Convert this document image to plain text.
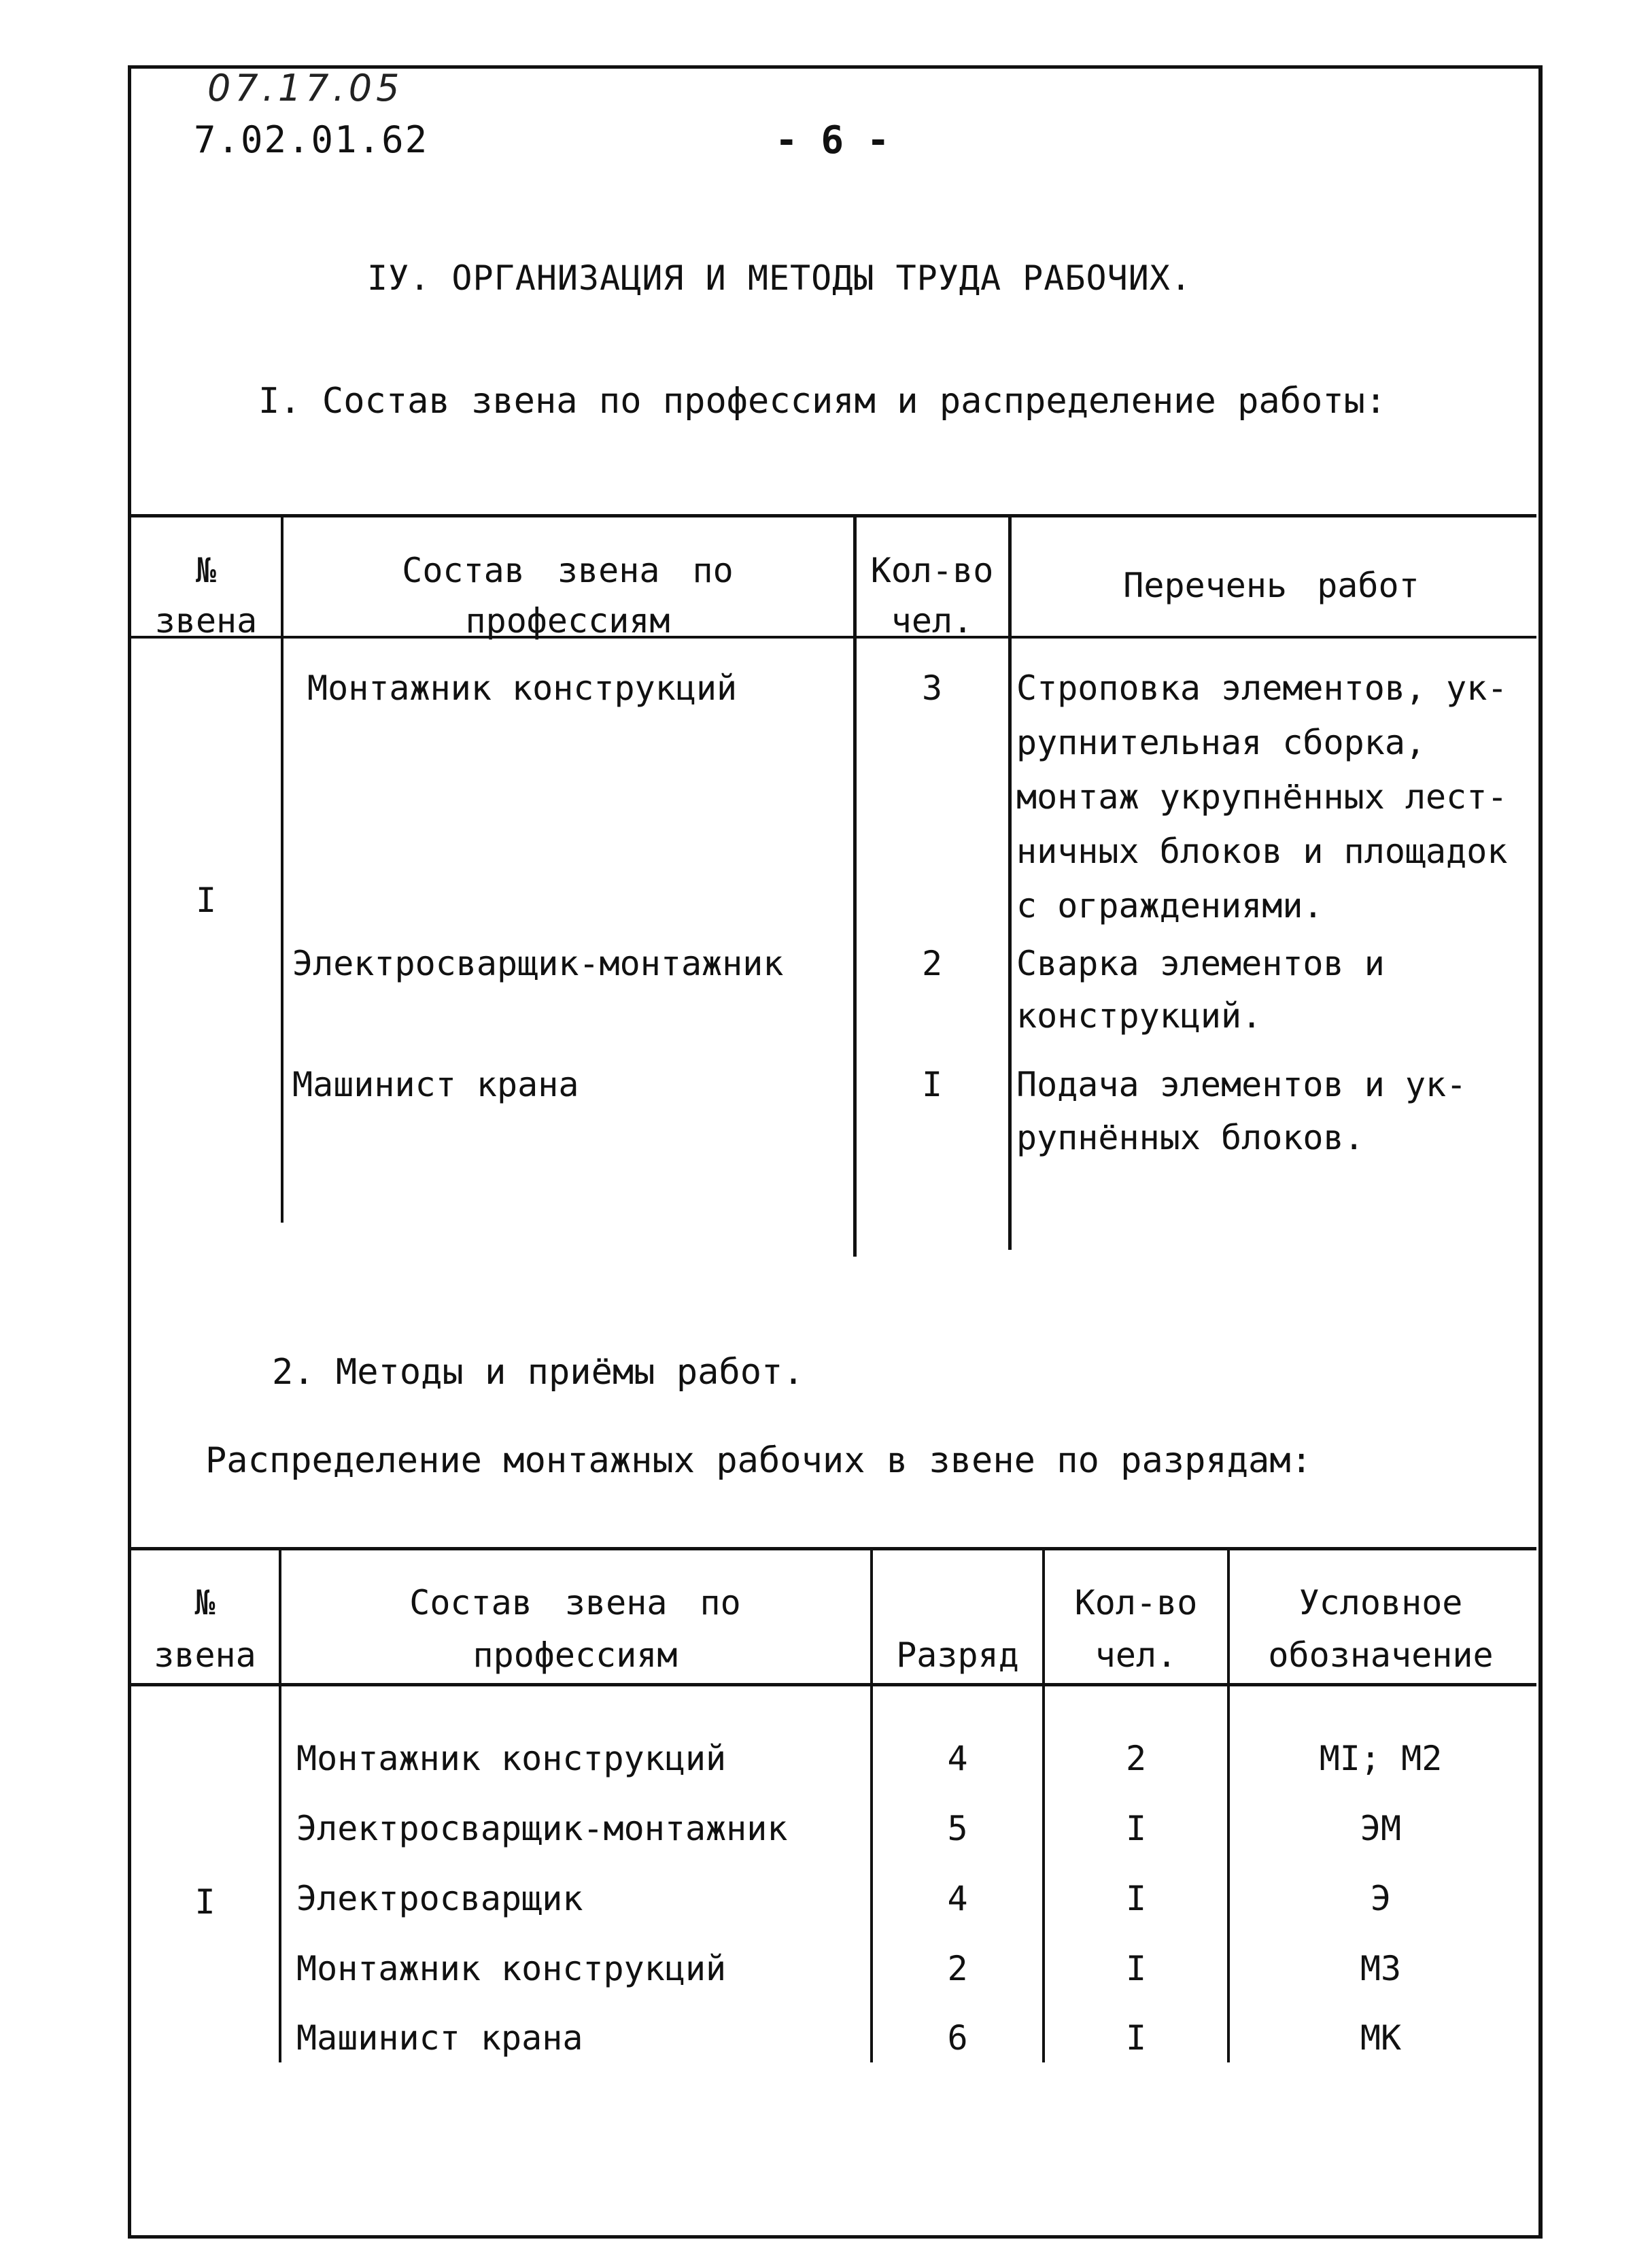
07.17.05
7.02.01.62	- 6 -
IУ. ОРГАНИЗАЦИЯ И МЕТОДЫ ТРУДА РАБОЧИХ.
I. Состав звена по профессиям и распределение работы:
№
звена
Состав звена по
профессиям
Кол-во
чел.
Перечень работ
I
Монтажник конструкций	3	Строповка элементов, ук-
рупнительная сборка,
монтаж укрупнённых лест-
ничных блоков и площадок
с ограждениями.
Электросварщик-монтажник	2	Сварка элементов и
конструкций.
Машинист крана	I	Подача элементов и ук-
рупнённых блоков.
2. Методы и приёмы работ.
Распределение монтажных рабочих в звене по разрядам:
№
звена
Состав звена по
профессиям	Разряд
Кол-во
чел.
Условное
обозначение
I
Монтажник конструкций	4	2	MI; M2
Электросварщик-монтажник	5	I	ЭМ
Электросварщик	4	I	Э
Монтажник конструкций	2	I	M3
Машинист крана	6	I	МК
